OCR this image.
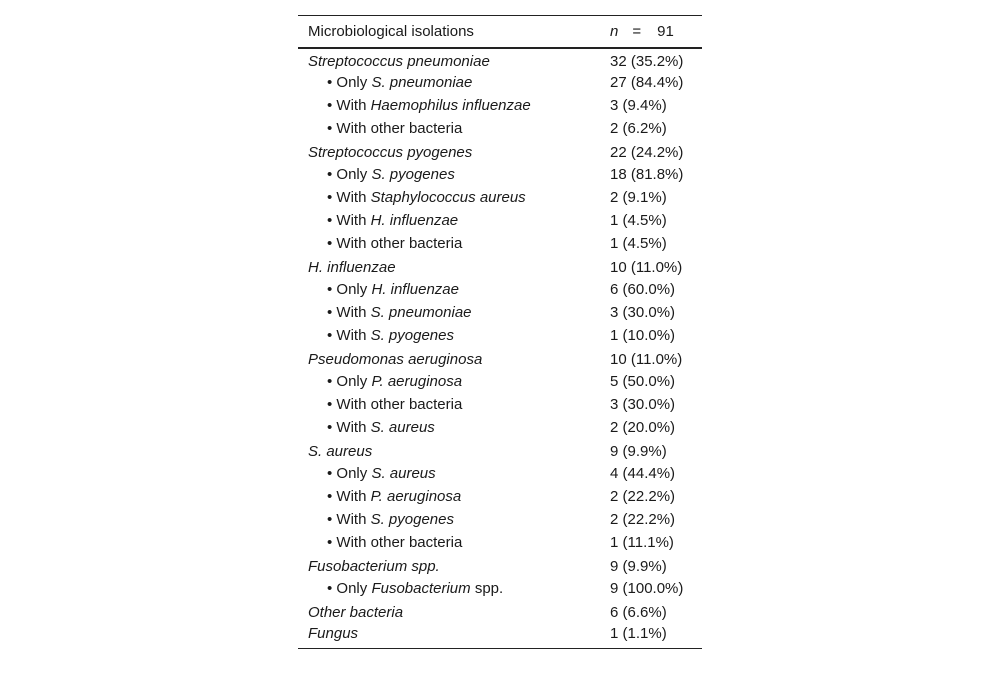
Microbiological isolations	n = 91
Streptococcus pneumoniae	32 (35.2%)
• Only S. pneumoniae	27 (84.4%)
• With Haemophilus influenzae	3 (9.4%)
• With other bacteria	2 (6.2%)
Streptococcus pyogenes	22 (24.2%)
• Only S. pyogenes	18 (81.8%)
• With Staphylococcus aureus	2 (9.1%)
• With H. influenzae	1 (4.5%)
• With other bacteria	1 (4.5%)
H. influenzae	10 (11.0%)
• Only H. influenzae	6 (60.0%)
• With S. pneumoniae	3 (30.0%)
• With S. pyogenes	1 (10.0%)
Pseudomonas aeruginosa	10 (11.0%)
• Only P. aeruginosa	5 (50.0%)
• With other bacteria	3 (30.0%)
• With S. aureus	2 (20.0%)
S. aureus	9 (9.9%)
• Only S. aureus	4 (44.4%)
• With P. aeruginosa	2 (22.2%)
• With S. pyogenes	2 (22.2%)
• With other bacteria	1 (11.1%)
Fusobacterium spp.	9 (9.9%)
• Only Fusobacterium spp.	9 (100.0%)
Other bacteria	6 (6.6%)
Fungus	1 (1.1%)
